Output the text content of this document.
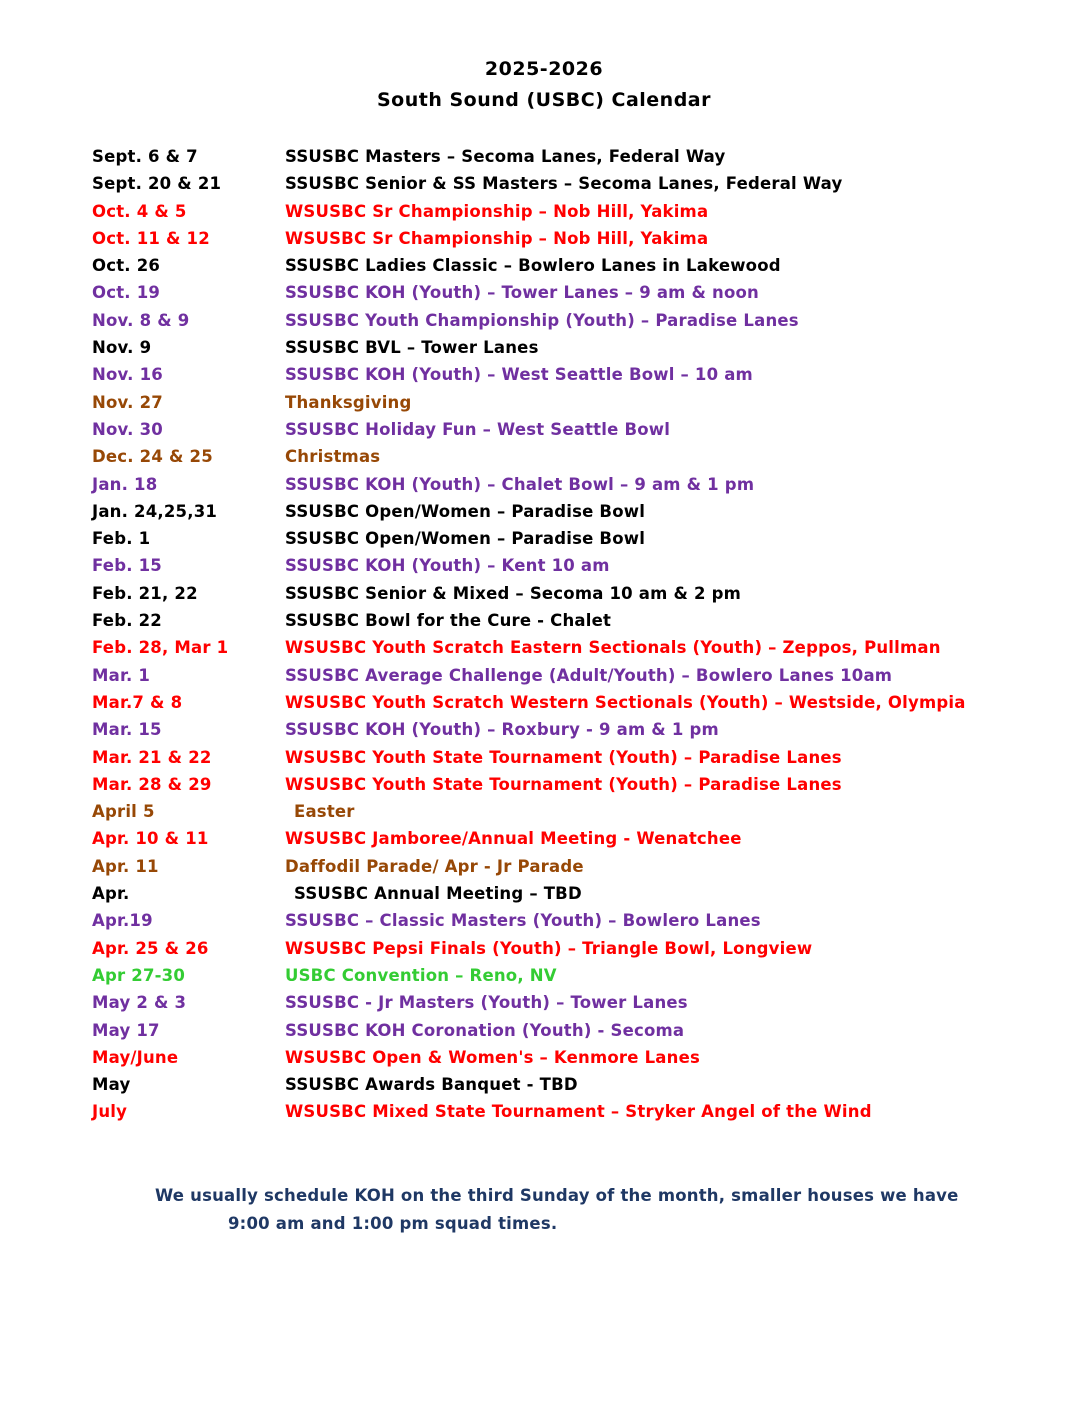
2025-2026
South Sound (USBC) Calendar
Sept. 6 & 7	SSUSBC Masters – Secoma Lanes, Federal Way
Sept. 20 & 21	SSUSBC Senior & SS Masters – Secoma Lanes, Federal Way
Oct. 4 & 5	WSUSBC Sr Championship – Nob Hill, Yakima
Oct. 11 & 12	WSUSBC Sr Championship – Nob Hill, Yakima
Oct. 26	SSUSBC Ladies Classic – Bowlero Lanes in Lakewood
Oct. 19	SSUSBC KOH (Youth) – Tower Lanes – 9 am & noon
Nov. 8 & 9	SSUSBC Youth Championship (Youth) – Paradise Lanes
Nov. 9	SSUSBC BVL – Tower Lanes
Nov. 16	SSUSBC KOH (Youth) – West Seattle Bowl – 10 am
Nov. 27	Thanksgiving
Nov. 30	SSUSBC Holiday Fun – West Seattle Bowl
Dec. 24 & 25	Christmas
Jan. 18	SSUSBC KOH (Youth) – Chalet Bowl – 9 am & 1 pm
Jan. 24,25,31	SSUSBC Open/Women – Paradise Bowl
Feb. 1	SSUSBC Open/Women – Paradise Bowl
Feb. 15	SSUSBC KOH (Youth) – Kent 10 am
Feb. 21, 22	SSUSBC Senior & Mixed – Secoma 10 am & 2 pm
Feb. 22	SSUSBC Bowl for the Cure - Chalet
Feb. 28, Mar 1	WSUSBC Youth Scratch Eastern Sectionals (Youth) – Zeppos, Pullman
Mar. 1	SSUSBC Average Challenge (Adult/Youth) – Bowlero Lanes 10am
Mar.7 & 8	WSUSBC Youth Scratch Western Sectionals (Youth) – Westside, Olympia
Mar. 15	SSUSBC KOH (Youth) – Roxbury - 9 am & 1 pm
Mar. 21 & 22	WSUSBC Youth State Tournament (Youth) – Paradise Lanes
Mar. 28 & 29	WSUSBC Youth State Tournament (Youth) – Paradise Lanes
April 5	Easter
Apr. 10 & 11	WSUSBC Jamboree/Annual Meeting - Wenatchee
Apr. 11	Daffodil Parade/ Apr - Jr Parade
Apr.	SSUSBC Annual Meeting – TBD
Apr.19	SSUSBC – Classic Masters (Youth) – Bowlero Lanes
Apr. 25 & 26	WSUSBC Pepsi Finals (Youth) – Triangle Bowl, Longview
Apr 27-30	USBC Convention – Reno, NV
May 2 & 3	SSUSBC - Jr Masters (Youth) – Tower Lanes
May 17	SSUSBC KOH Coronation (Youth) - Secoma
May/June	WSUSBC Open & Women's – Kenmore Lanes
May	SSUSBC Awards Banquet - TBD
July	WSUSBC Mixed State Tournament – Stryker Angel of the Wind
We usually schedule KOH on the third Sunday of the month, smaller houses we have
9:00 am and 1:00 pm squad times.
